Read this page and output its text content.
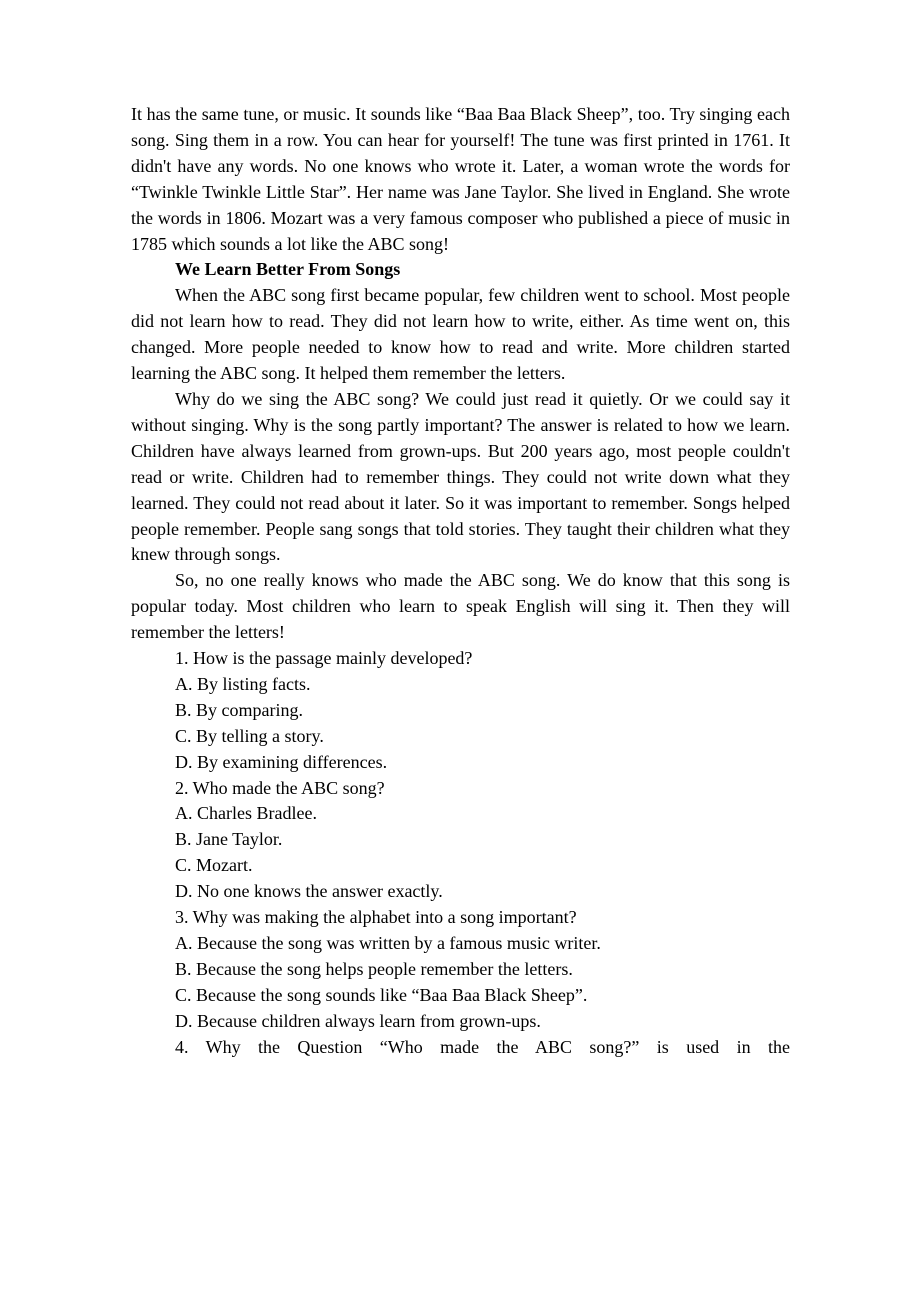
It has the same tune, or music. It sounds like “Baa Baa Black Sheep”, too. Try singing each song. Sing them in a row. You can hear for yourself! The tune was first printed in 1761. It didn't have any words. No one knows who wrote it. Later, a woman wrote the words for “Twinkle Twinkle Little Star”. Her name was Jane Taylor. She lived in England. She wrote the words in 1806. Mozart was a very famous composer who published a piece of music in 1785 which sounds a lot like the ABC song!

We Learn Better From Songs

When the ABC song first became popular, few children went to school. Most people did not learn how to read. They did not learn how to write, either. As time went on, this changed. More people needed to know how to read and write. More children started learning the ABC song. It helped them remember the letters.

Why do we sing the ABC song? We could just read it quietly. Or we could say it without singing. Why is the song partly important? The answer is related to how we learn. Children have always learned from grown-ups. But 200 years ago, most people couldn't read or write. Children had to remember things. They could not write down what they learned. They could not read about it later. So it was important to remember. Songs helped people remember. People sang songs that told stories. They taught their children what they knew through songs.

So, no one really knows who made the ABC song. We do know that this song is popular today. Most children who learn to speak English will sing it. Then they will remember the letters!

1. How is the passage mainly developed?

A. By listing facts.

B. By comparing.

C. By telling a story.

D. By examining differences.

2. Who made the ABC song?

A. Charles Bradlee.

B. Jane Taylor.

C. Mozart.

D. No one knows the answer exactly.

3. Why was making the alphabet into a song important?

A. Because the song was written by a famous music writer.

B. Because the song helps people remember the letters.

C. Because the song sounds like “Baa Baa Black Sheep”.

D. Because children always learn from grown-ups.

4. Why the Question “Who made the ABC song?” is used in the
